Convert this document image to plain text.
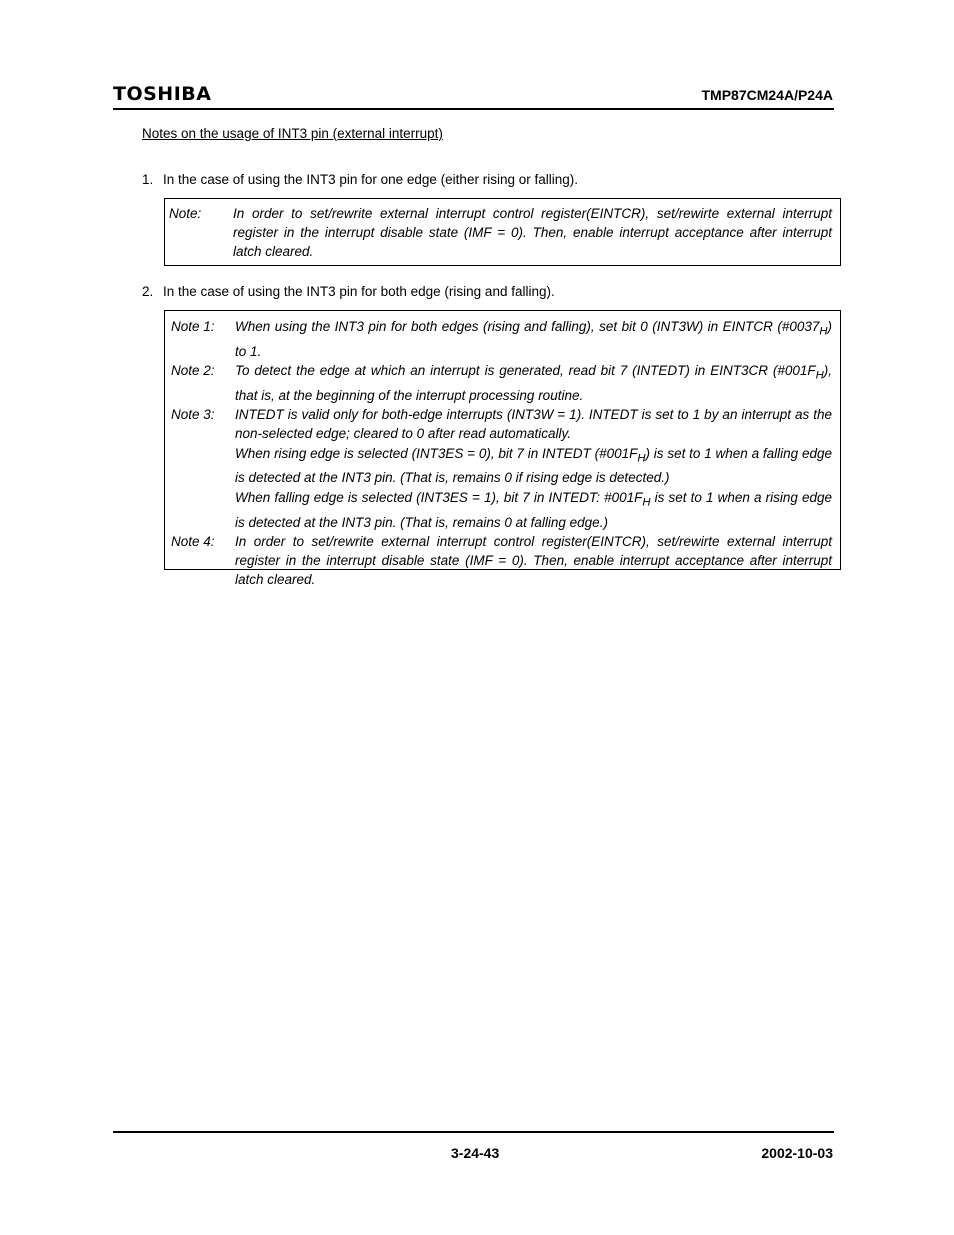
TOSHIBA	TMP87CM24A/P24A
Notes on the usage of INT3 pin (external interrupt)
1. In the case of using the INT3 pin for one edge (either rising or falling).
Note:	In order to set/rewrite external interrupt control register(EINTCR), set/rewirte external interrupt register in the interrupt disable state (IMF = 0). Then, enable interrupt acceptance after interrupt latch cleared.
2. In the case of using the INT3 pin for both edge (rising and falling).
Note 1:	When using the INT3 pin for both edges (rising and falling), set bit 0 (INT3W) in EINTCR $(\#0037_H)$ to 1.
Note 2:	To detect the edge at which an interrupt is generated, read bit 7 (INTEDT) in EINT3CR $(\#001F_H)$, that is, at the beginning of the interrupt processing routine.
Note 3:	INTEDT is valid only for both-edge interrupts (INT3W = 1). INTEDT is set to 1 by an interrupt as the non-selected edge; cleared to 0 after read automatically.

When rising edge is selected (INT3ES = 0), bit 7 in INTEDT $(\#001F_H)$ is set to 1 when a falling edge is detected at the INT3 pin. (That is, remains 0 if rising edge is detected.)

When falling edge is selected (INT3ES = 1), bit 7 in INTEDT: $\#001F_H$ is set to 1 when a rising edge is detected at the INT3 pin. (That is, remains 0 at falling edge.)

Note 4:	In order to set/rewrite external interrupt control register(EINTCR), set/rewirte external interrupt register in the interrupt disable state (IMF = 0). Then, enable interrupt acceptance after interrupt latch cleared.
3-24-43	2002-10-03
